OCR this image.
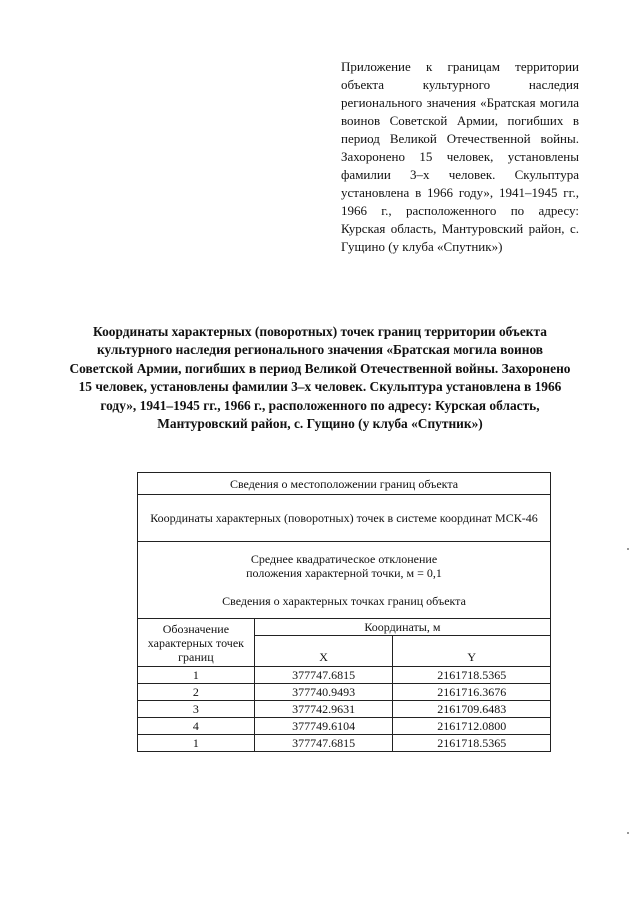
Приложение к границам территории объекта культурного наследия регионального значения «Братская могила воинов Советской Армии, погибших в период Великой Отечественной войны. Захоронено 15 человек, установлены фамилии 3–х человек. Скульптура установлена в 1966 году», 1941–1945 гг., 1966 г., расположенного по адресу: Курская область, Мантуровский район, с. Гущино (у клуба «Спутник»)
Координаты характерных (поворотных) точек границ территории объекта культурного наследия регионального значения «Братская могила воинов Советской Армии, погибших в период Великой Отечественной войны. Захоронено 15 человек, установлены фамилии 3–х человек. Скульптура установлена в 1966 году», 1941–1945 гг., 1966 г., расположенного по адресу: Курская область, Мантуровский район, с. Гущино (у клуба «Спутник»)
Сведения о местоположении границ объекта		
Координаты характерных (поворотных) точек в системе координат МСК-46		

Среднее квадратическое отклонение
положения характерной точки, м = 0,1
Сведения о характерных точках границ объекта		

Обозначение характерных точек границ	Координаты, м	
	X	Y
1	377747.6815	2161718.5365
2	377740.9493	2161716.3676
3	377742.9631	2161709.6483
4	377749.6104	2161712.0800
1	377747.6815	2161718.5365
